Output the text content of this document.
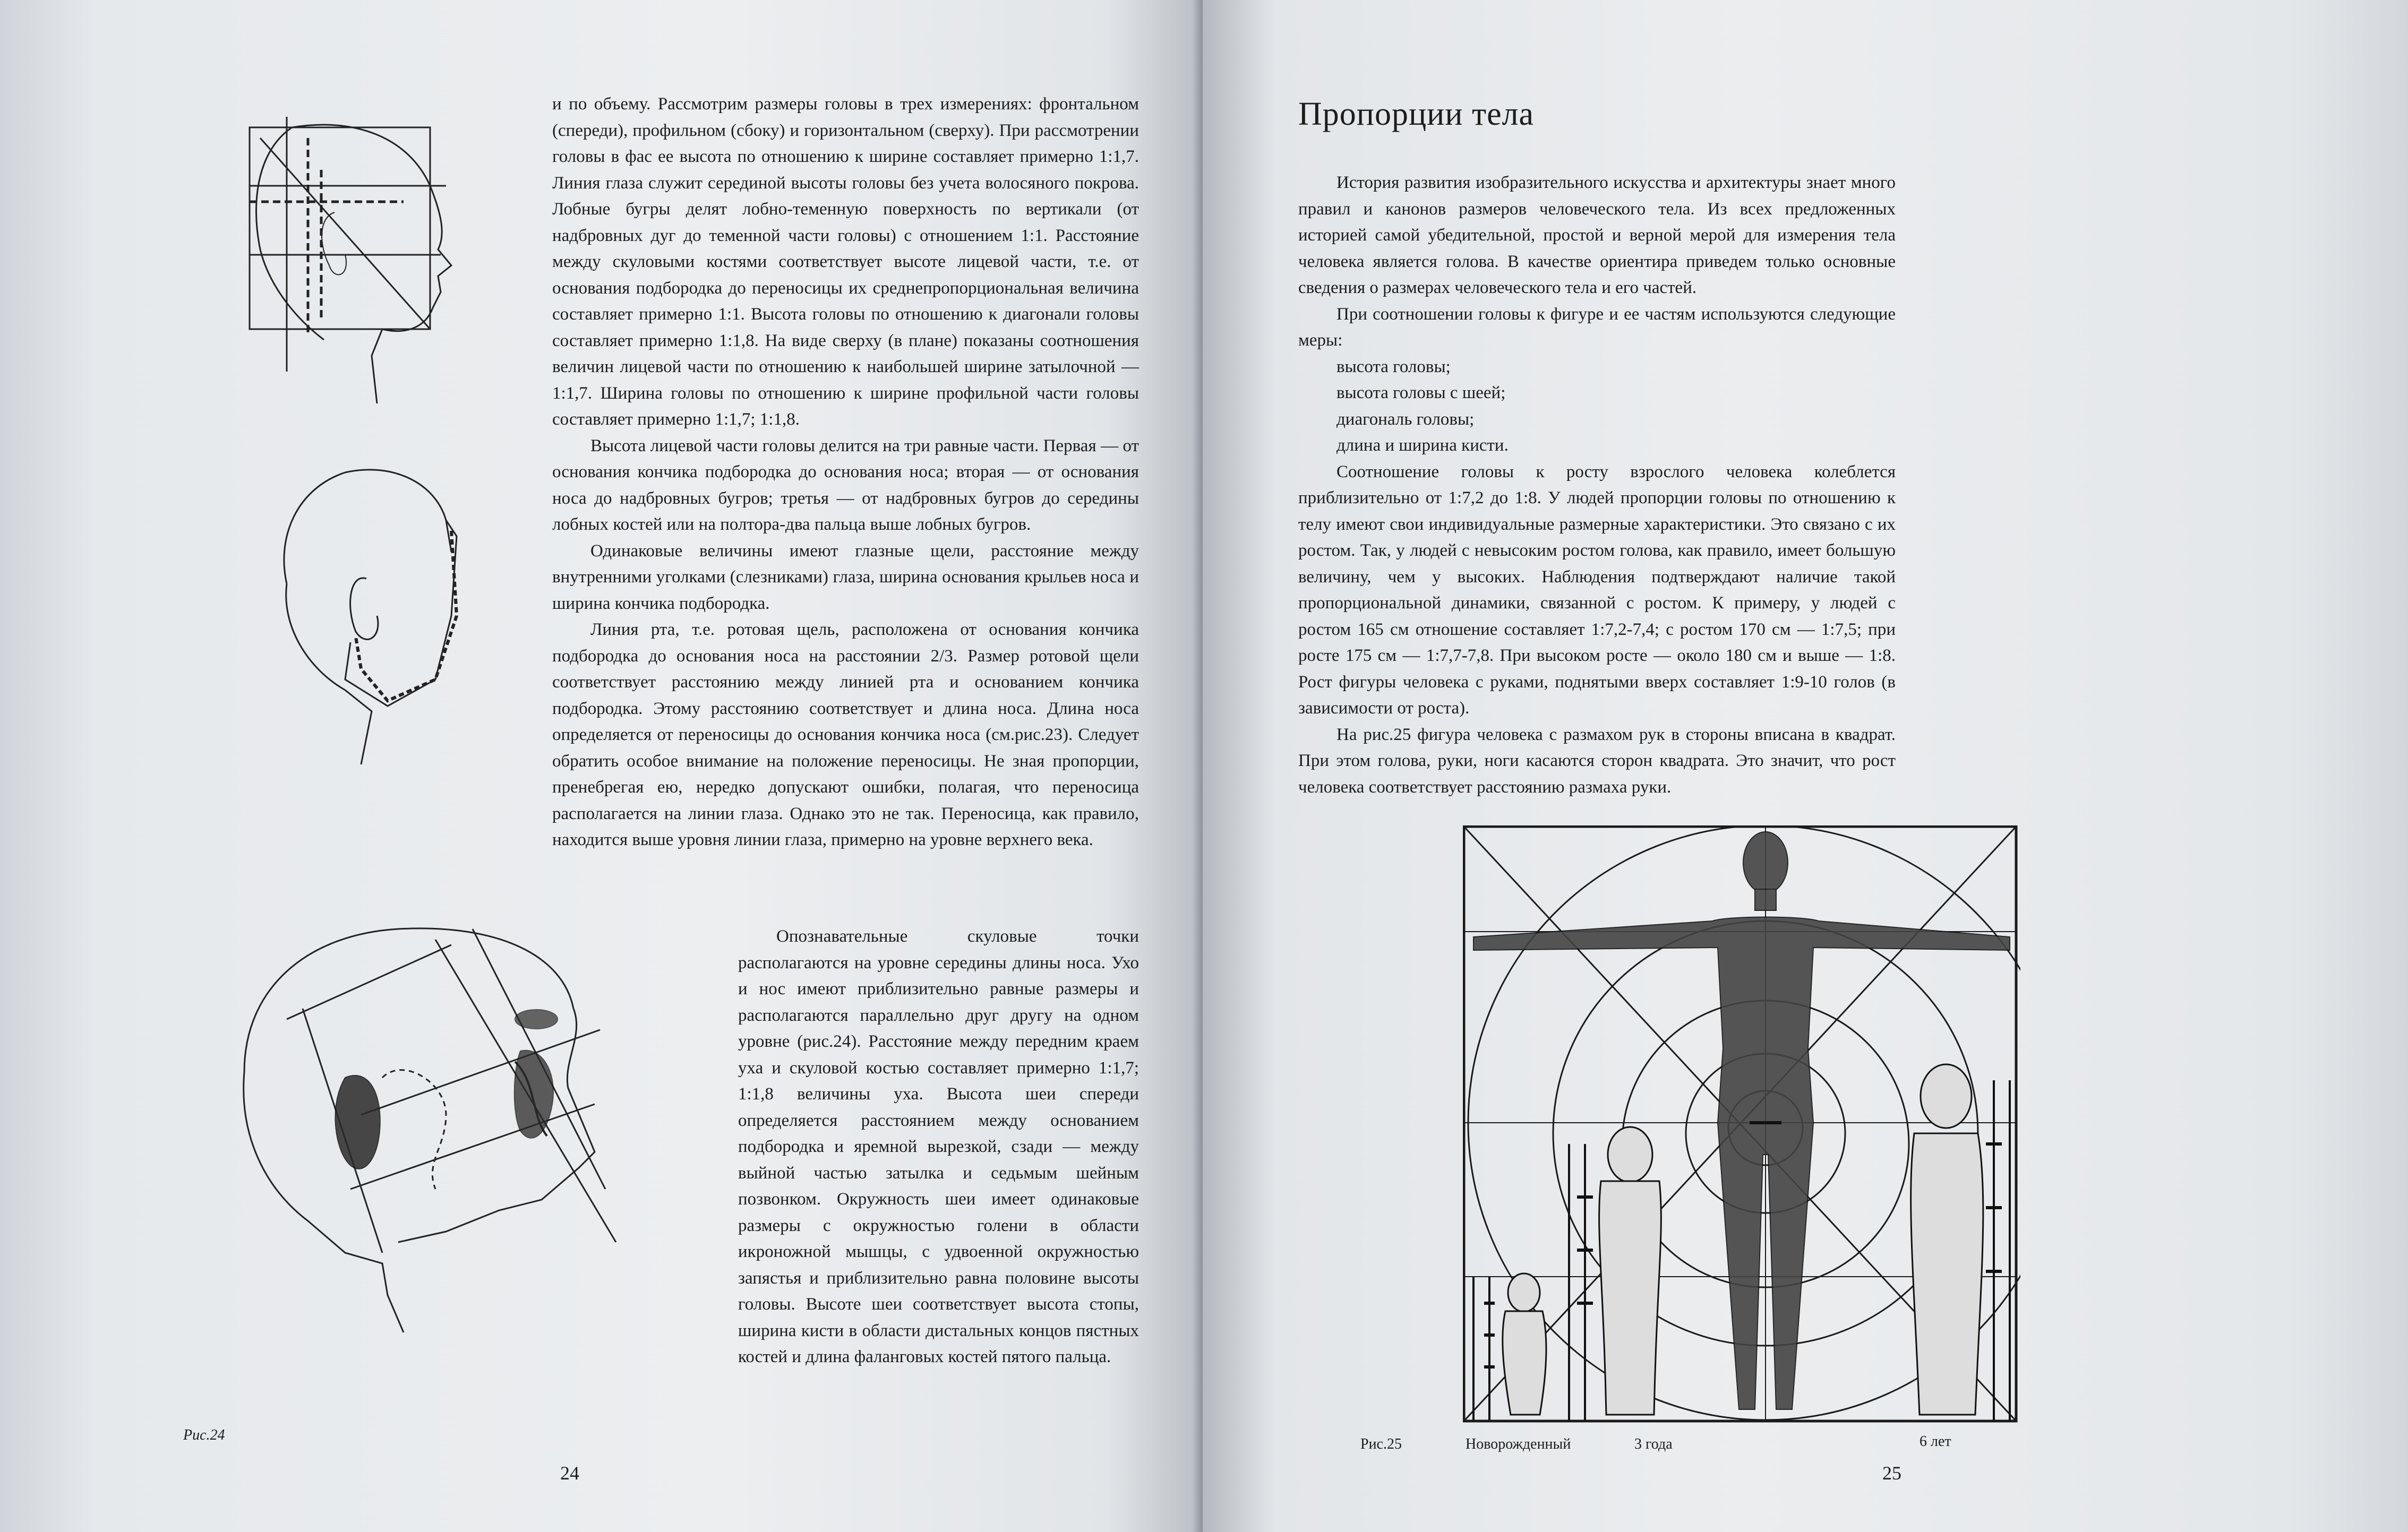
и по объему. Рассмотрим размеры головы в трех измерениях: фронтальном (спереди), профильном (сбоку) и горизонтальном (сверху). При рассмотрении головы в фас ее высота по отношению к ширине составляет примерно 1:1,7. Линия глаза служит серединой высоты головы без учета волосяного покрова. Лобные бугры делят лобно-теменную поверхность по вертикали (от надбровных дуг до теменной части головы) с отношением 1:1. Расстояние между скуловыми костями соответствует высоте лицевой части, т.е. от основания подбородка до переносицы их среднепропорциональная величина составляет примерно 1:1. Высота головы по отношению к диагонали головы составляет примерно 1:1,8. На виде сверху (в плане) показаны соотношения величин лицевой части по отношению к наибольшей ширине затылочной — 1:1,7. Ширина головы по отношению к ширине профильной части головы составляет примерно 1:1,7; 1:1,8.

Высота лицевой части головы делится на три равные части. Первая — от основания кончика подбородка до основания носа; вторая — от основания носа до надбровных бугров; третья — от надбровных бугров до середины лобных костей или на полтора-два пальца выше лобных бугров.

Одинаковые величины имеют глазные щели, расстояние между внутренними уголками (слезниками) глаза, ширина основания крыльев носа и ширина кончика подбородка.

Линия рта, т.е. ротовая щель, расположена от основания кончика подбородка до основания носа на расстоянии 2/3. Размер ротовой щели соответствует расстоянию между линией рта и основанием кончика подбородка. Этому расстоянию соответствует и длина носа. Длина носа определяется от переносицы до основания кончика носа (см.рис.23). Следует обратить особое внимание на положение переносицы. Не зная пропорции, пренебрегая ею, нередко допускают ошибки, полагая, что переносица располагается на линии глаза. Однако это не так. Переносица, как правило, находится выше уровня линии глаза, примерно на уровне верхнего века.

Опознавательные скуловые точки располагаются на уровне середины длины носа. Ухо и нос имеют приблизительно равные размеры и располагаются параллельно друг другу на одном уровне (рис.24). Расстояние между передним краем уха и скуловой костью составляет примерно 1:1,7; 1:1,8 величины уха. Высота шеи спереди определяется расстоянием между основанием подбородка и яремной вырезкой, сзади — между выйной частью затылка и седьмым шейным позвонком. Окружность шеи имеет одинаковые размеры с окружностью голени в области икроножной мышцы, с удвоенной окружностью запястья и приблизительно равна половине высоты головы. Высоте шеи соответствует высота стопы, ширина кисти в области дистальных концов пястных костей и длина фаланговых костей пятого пальца.

Рис.24
24
Пропорции тела

История развития изобразительного искусства и архитектуры знает много правил и канонов размеров человеческого тела. Из всех предложенных историей самой убедительной, простой и верной мерой для измерения тела человека является голова. В качестве ориентира приведем только основные сведения о размерах человеческого тела и его частей.

При соотношении головы к фигуре и ее частям используются следующие меры:

высота головы;

высота головы с шеей;

диагональ головы;

длина и ширина кисти.

Соотношение головы к росту взрослого человека колеблется приблизительно от 1:7,2 до 1:8. У людей пропорции головы по отношению к телу имеют свои индивидуальные размерные характеристики. Это связано с их ростом. Так, у людей с невысоким ростом голова, как правило, имеет большую величину, чем у высоких. Наблюдения подтверждают наличие такой пропорциональной динамики, связанной с ростом. К примеру, у людей с ростом 165 см отношение составляет 1:7,2-7,4; с ростом 170 см — 1:7,5; при росте 175 см — 1:7,7-7,8. При высоком росте — около 180 см и выше — 1:8. Рост фигуры человека с руками, поднятыми вверх составляет 1:9-10 голов (в зависимости от роста).

На рис.25 фигура человека с размахом рук в стороны вписана в квадрат. При этом голова, руки, ноги касаются сторон квадрата. Это значит, что рост человека соответствует расстоянию размаха руки.

Рис.25	Новорожденный	3 года	6 лет
25
